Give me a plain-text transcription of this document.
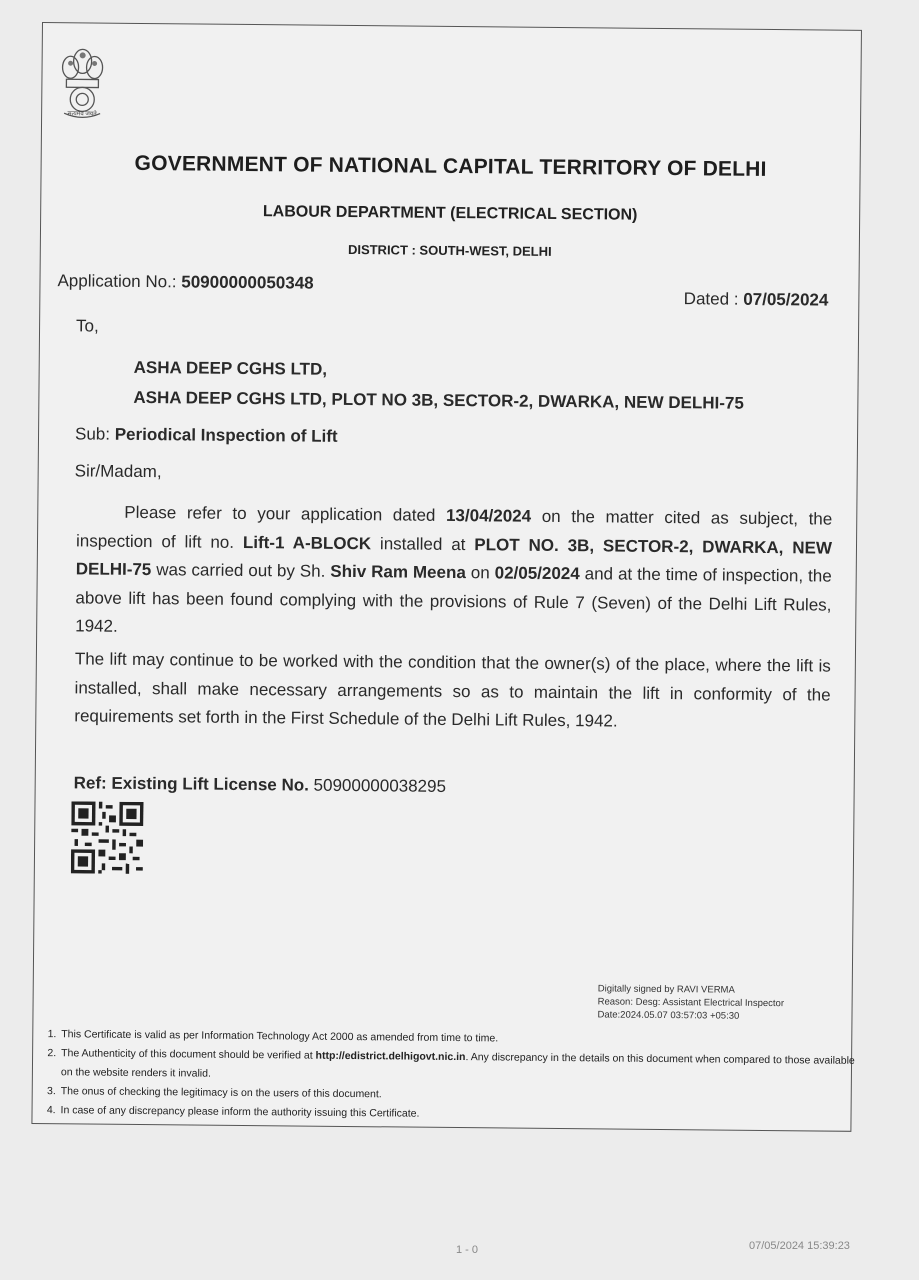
सत्यमेव जयते
GOVERNMENT OF NATIONAL CAPITAL TERRITORY OF DELHI
LABOUR DEPARTMENT (ELECTRICAL SECTION)
DISTRICT : SOUTH-WEST, DELHI
Application No.: 50900000050348
Dated : 07/05/2024
To,
ASHA DEEP CGHS LTD,
ASHA DEEP CGHS LTD, PLOT NO 3B, SECTOR-2, DWARKA, NEW DELHI-75
Sub: Periodical Inspection of Lift
Sir/Madam,
Please refer to your application dated 13/04/2024 on the matter cited as subject, the inspection of lift no. Lift-1 A-BLOCK installed at PLOT NO. 3B, SECTOR-2, DWARKA, NEW DELHI-75 was carried out by Sh. Shiv Ram Meena on 02/05/2024 and at the time of inspection, the above lift has been found complying with the provisions of Rule 7 (Seven) of the Delhi Lift Rules, 1942.
The lift may continue to be worked with the condition that the owner(s) of the place, where the lift is installed, shall make necessary arrangements so as to maintain the lift in conformity of the requirements set forth in the First Schedule of the Delhi Lift Rules, 1942.
Ref: Existing Lift License No. 50900000038295
Digitally signed by RAVI VERMA
Reason: Desg: Assistant Electrical Inspector
Date:2024.05.07 03:57:03 +05:30
1. This Certificate is valid as per Information Technology Act 2000 as amended from time to time.
2. The Authenticity of this document should be verified at http://edistrict.delhigovt.nic.in. Any discrepancy in the details on this document when compared to those available on the website renders it invalid.
3. The onus of checking the legitimacy is on the users of this document.
4. In case of any discrepancy please inform the authority issuing this Certificate.
1 - 0	07/05/2024 15:39:23
